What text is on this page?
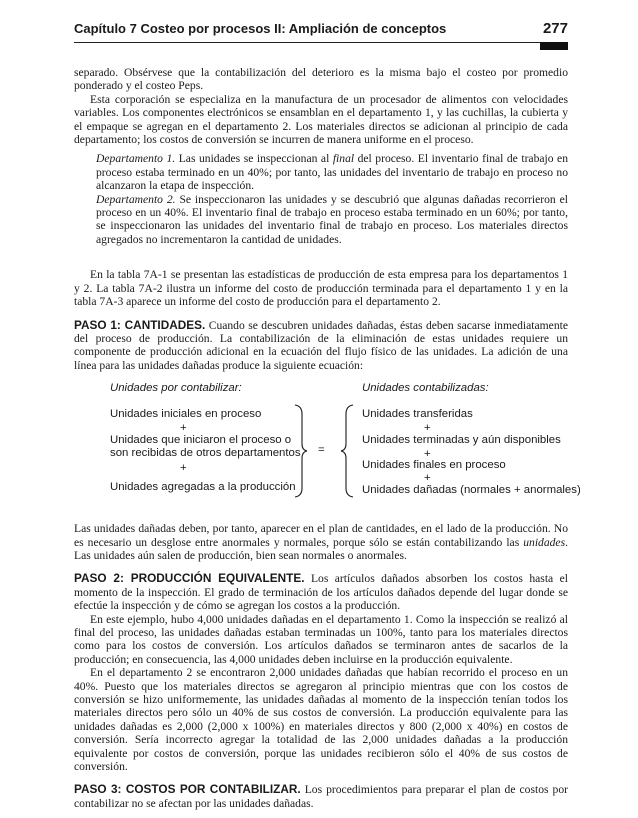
Capítulo 7 Costeo por procesos II: Ampliación de conceptos	277

separado. Obsérvese que la contabilización del deterioro es la misma bajo el costeo por promedio ponderado y el costeo Peps.

Esta corporación se especializa en la manufactura de un procesador de alimentos con velocidades variables. Los componentes electrónicos se ensamblan en el departamento 1, y las cuchillas, la cubierta y el empaque se agregan en el departamento 2. Los materiales directos se adicionan al principio de cada departamento; los costos de conversión se incurren de manera uniforme en el proceso.

Departamento 1. Las unidades se inspeccionan al final del proceso. El inventario final de trabajo en proceso estaba terminado en un 40%; por tanto, las unidades del inventario de trabajo en proceso no alcanzaron la etapa de inspección.

Departamento 2. Se inspeccionaron las unidades y se descubrió que algunas dañadas recorrieron el proceso en un 40%. El inventario final de trabajo en proceso estaba terminado en un 60%; por tanto, se inspeccionaron las unidades del inventario final de trabajo en proceso. Los materiales directos agregados no incrementaron la cantidad de unidades.

En la tabla 7A-1 se presentan las estadísticas de producción de esta empresa para los departamentos 1 y 2. La tabla 7A-2 ilustra un informe del costo de producción terminada para el departamento 1 y en la tabla 7A-3 aparece un informe del costo de producción para el departamento 2.

PASO 1: CANTIDADES. Cuando se descubren unidades dañadas, éstas deben sacarse inmediatamente del proceso de producción. La contabilización de la eliminación de estas unidades requiere un componente de producción adicional en la ecuación del flujo físico de las unidades. La adición de una línea para las unidades dañadas produce la siguiente ecuación:

Unidades por contabilizar:	Unidades contabilizadas:
Unidades iniciales en proceso
+
Unidades que iniciaron el proceso o
son recibidas de otros departamentos
+
Unidades agregadas a la producción
=
Unidades transferidas
+
Unidades terminadas y aún disponibles
+
Unidades finales en proceso
+
Unidades dañadas (normales + anormales)

Las unidades dañadas deben, por tanto, aparecer en el plan de cantidades, en el lado de la producción. No es necesario un desglose entre anormales y normales, porque sólo se están contabilizando las unidades. Las unidades aún salen de producción, bien sean normales o anormales.

PASO 2: PRODUCCIÓN EQUIVALENTE. Los artículos dañados absorben los costos hasta el momento de la inspección. El grado de terminación de los artículos dañados depende del lugar donde se efectúe la inspección y de cómo se agregan los costos a la producción.

En este ejemplo, hubo 4,000 unidades dañadas en el departamento 1. Como la inspección se realizó al final del proceso, las unidades dañadas estaban terminadas un 100%, tanto para los materiales directos como para los costos de conversión. Los artículos dañados se terminaron antes de sacarlos de la producción; en consecuencia, las 4,000 unidades deben incluirse en la producción equivalente.

En el departamento 2 se encontraron 2,000 unidades dañadas que habían recorrido el proceso en un 40%. Puesto que los materiales directos se agregaron al principio mientras que con los costos de conversión se hizo uniformemente, las unidades dañadas al momento de la inspección tenían todos los materiales directos pero sólo un 40% de sus costos de conversión. La producción equivalente para las unidades dañadas es 2,000 (2,000 x 100%) en materiales directos y 800 (2,000 x 40%) en costos de conversión. Sería incorrecto agregar la totalidad de las 2,000 unidades dañadas a la producción equivalente por costos de conversión, porque las unidades recibieron sólo el 40% de sus costos de conversión.

PASO 3: COSTOS POR CONTABILIZAR. Los procedimientos para preparar el plan de costos por contabilizar no se afectan por las unidades dañadas.
